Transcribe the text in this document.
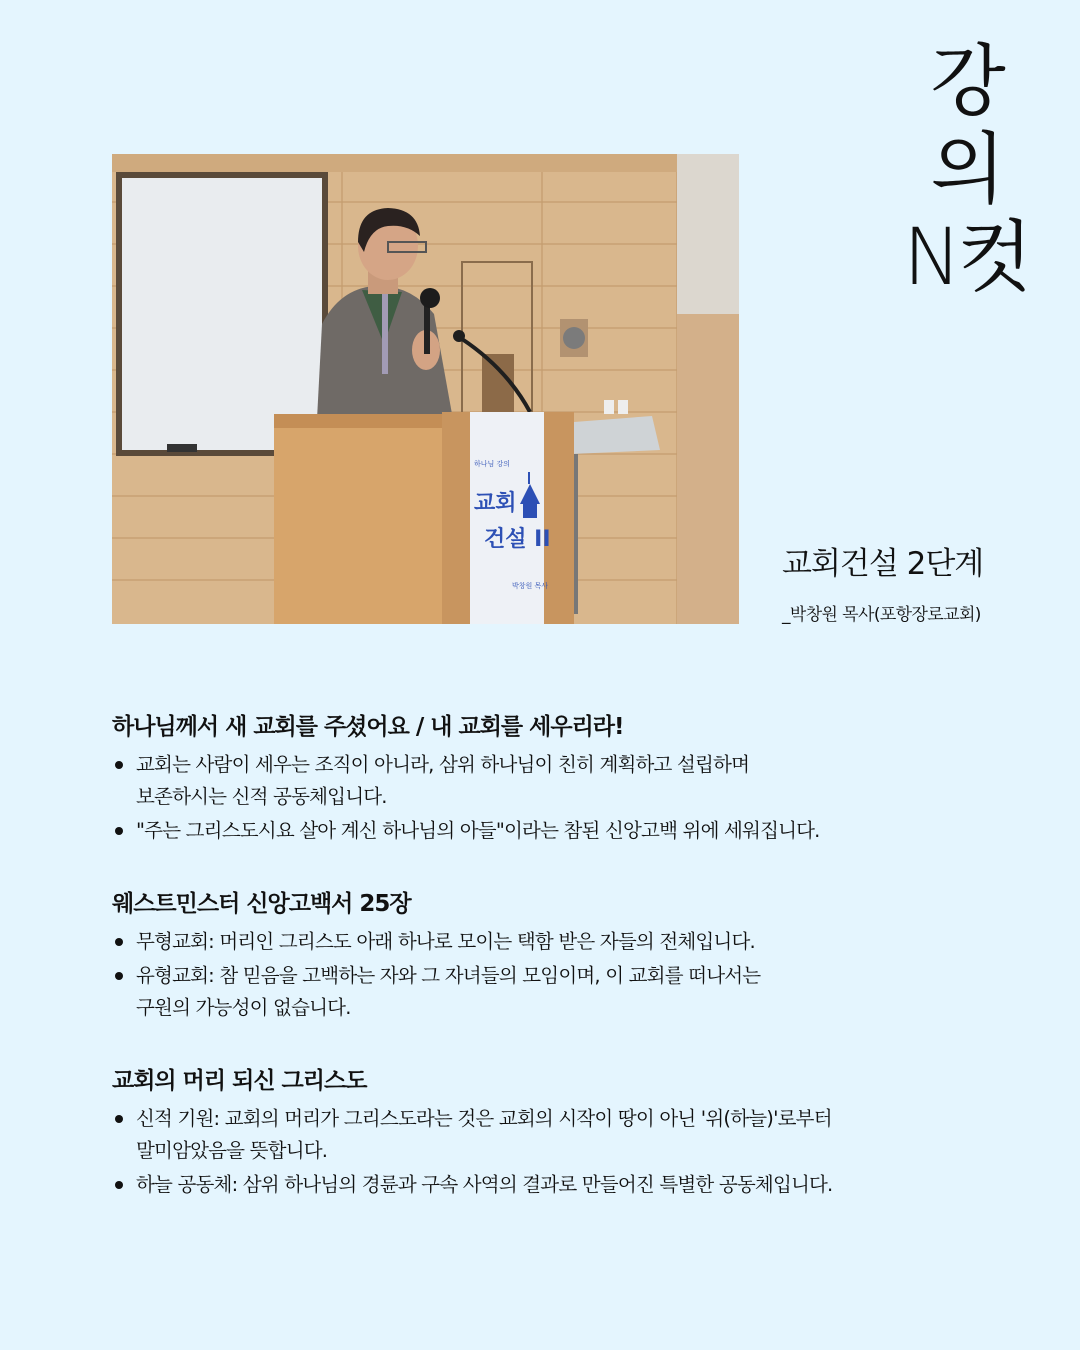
강의
N컷
하나님 강의
교회
건설 II
박창원 목사
교회건설 2단계
_박창원 목사(포항장로교회)
하나님께서 새 교회를 주셨어요 / 내 교회를 세우리라!
교회는 사람이 세우는 조직이 아니라, 삼위 하나님이 친히 계획하고 설립하며
보존하시는 신적 공동체입니다.
"주는 그리스도시요 살아 계신 하나님의 아들"이라는 참된 신앙고백 위에 세워집니다.
웨스트민스터 신앙고백서 25장
무형교회: 머리인 그리스도 아래 하나로 모이는 택함 받은 자들의 전체입니다.
유형교회: 참 믿음을 고백하는 자와 그 자녀들의 모임이며, 이 교회를 떠나서는
구원의 가능성이 없습니다.
교회의 머리 되신 그리스도
신적 기원: 교회의 머리가 그리스도라는 것은 교회의 시작이 땅이 아닌 '위(하늘)'로부터
말미암았음을 뜻합니다.
하늘 공동체: 삼위 하나님의 경륜과 구속 사역의 결과로 만들어진 특별한 공동체입니다.
